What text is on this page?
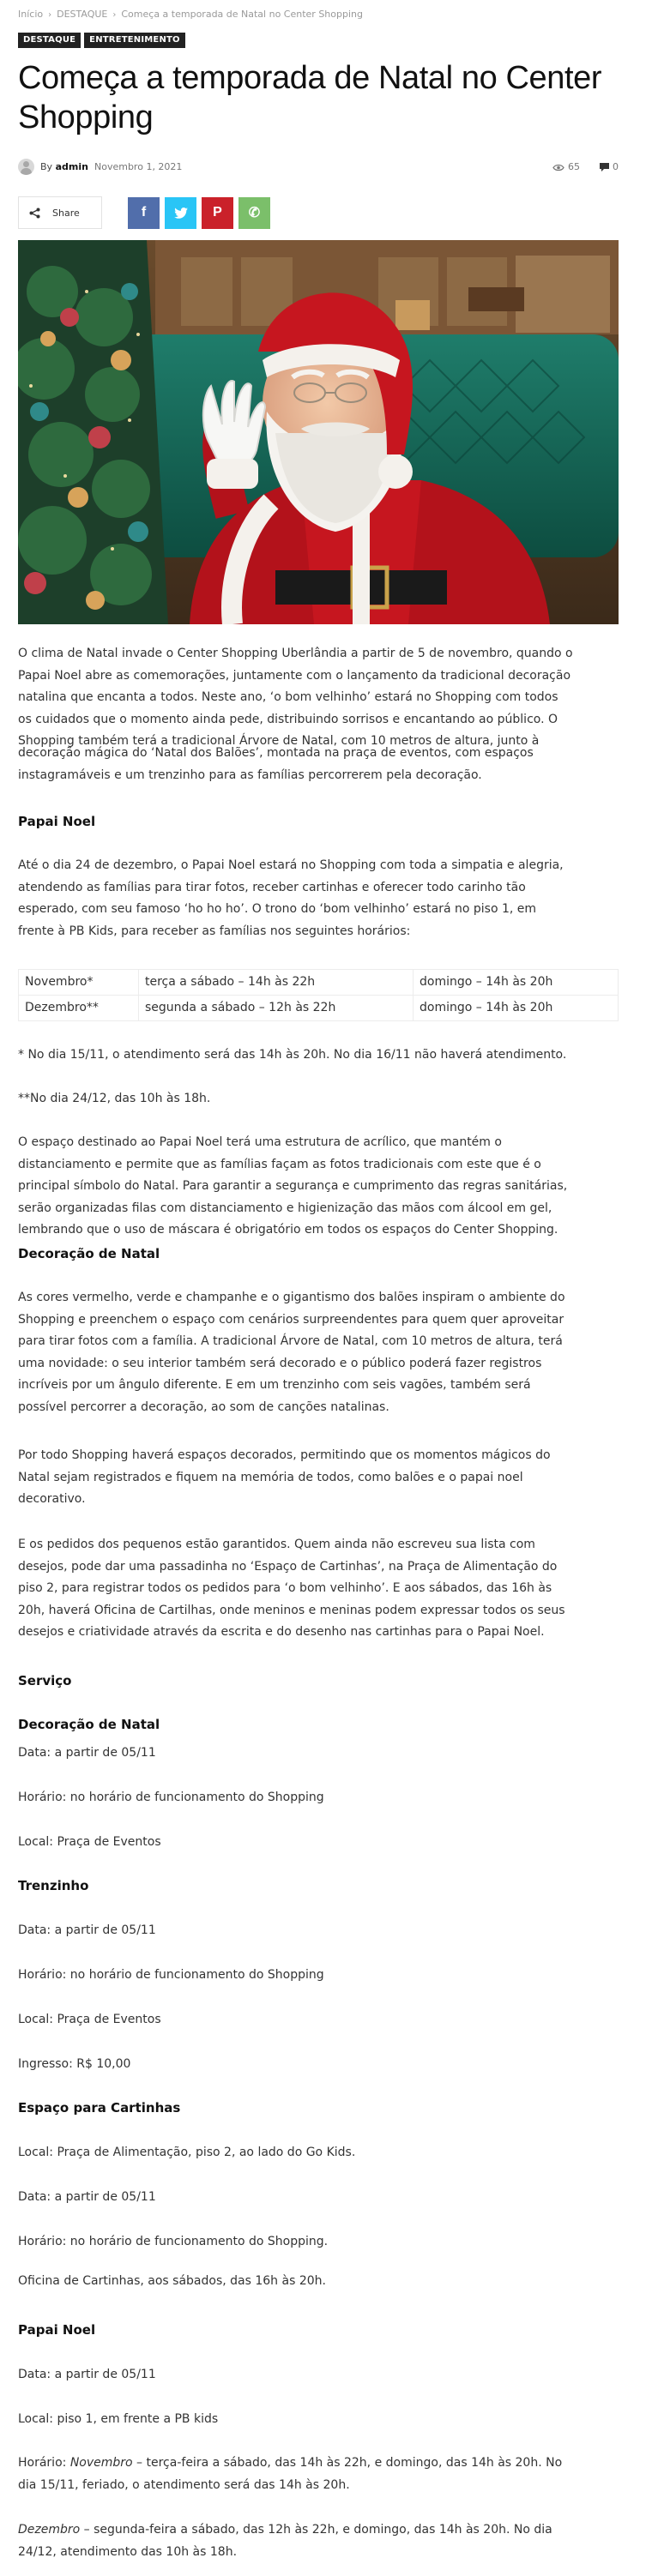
Início › DESTAQUE › Começa a temporada de Natal no Center Shopping
DESTAQUE	ENTRETENIMENTO
Começa a temporada de Natal no Center Shopping
By admin Novembro 1, 2021	65	0
Share	f	P ✆

O clima de Natal invade o Center Shopping Uberlândia a partir de 5 de novembro, quando o

Papai Noel abre as comemorações, juntamente com o lançamento da tradicional decoração

natalina que encanta a todos. Neste ano, ‘o bom velhinho’ estará no Shopping com todos

os cuidados que o momento ainda pede, distribuindo sorrisos e encantando ao público. O

Shopping também terá a tradicional Árvore de Natal, com 10 metros de altura, junto à

decoração mágica do ‘Natal dos Balões’, montada na praça de eventos, com espaços

instagramáveis e um trenzinho para as famílias percorrerem pela decoração.

Papai Noel

Até o dia 24 de dezembro, o Papai Noel estará no Shopping com toda a simpatia e alegria,

atendendo as famílias para tirar fotos, receber cartinhas e oferecer todo carinho tão

esperado, com seu famoso ‘ho ho ho’. O trono do ‘bom velhinho’ estará no piso 1, em

frente à PB Kids, para receber as famílias nos seguintes horários:

Novembro*	terça a sábado – 14h às 22h	domingo – 14h às 20h
Dezembro**	segunda a sábado – 12h às 22h	domingo – 14h às 20h
* No dia 15/11, o atendimento será das 14h às 20h. No dia 16/11 não haverá atendimento.
**No dia 24/12, das 10h às 18h.

O espaço destinado ao Papai Noel terá uma estrutura de acrílico, que mantém o

distanciamento e permite que as famílias façam as fotos tradicionais com este que é o

principal símbolo do Natal. Para garantir a segurança e cumprimento das regras sanitárias,

serão organizadas filas com distanciamento e higienização das mãos com álcool em gel,

lembrando que o uso de máscara é obrigatório em todos os espaços do Center Shopping.

Decoração de Natal

As cores vermelho, verde e champanhe e o gigantismo dos balões inspiram o ambiente do

Shopping e preenchem o espaço com cenários surpreendentes para quem quer aproveitar

para tirar fotos com a família. A tradicional Árvore de Natal, com 10 metros de altura, terá

uma novidade: o seu interior também será decorado e o público poderá fazer registros

incríveis por um ângulo diferente. E em um trenzinho com seis vagões, também será

possível percorrer a decoração, ao som de canções natalinas.

Por todo Shopping haverá espaços decorados, permitindo que os momentos mágicos do

Natal sejam registrados e fiquem na memória de todos, como balões e o papai noel

decorativo.

E os pedidos dos pequenos estão garantidos. Quem ainda não escreveu sua lista com

desejos, pode dar uma passadinha no ‘Espaço de Cartinhas’, na Praça de Alimentação do

piso 2, para registrar todos os pedidos para ‘o bom velhinho’. E aos sábados, das 16h às

20h, haverá Oficina de Cartilhas, onde meninos e meninas podem expressar todos os seus

desejos e criatividade através da escrita e do desenho nas cartinhas para o Papai Noel.

Serviço
Decoração de Natal
Data: a partir de 05/11
Horário: no horário de funcionamento do Shopping
Local: Praça de Eventos
Trenzinho
Data: a partir de 05/11
Horário: no horário de funcionamento do Shopping
Local: Praça de Eventos
Ingresso: R$ 10,00
Espaço para Cartinhas
Local: Praça de Alimentação, piso 2, ao lado do Go Kids.
Data: a partir de 05/11
Horário: no horário de funcionamento do Shopping.
Oficina de Cartinhas, aos sábados, das 16h às 20h.
Papai Noel
Data: a partir de 05/11
Local: piso 1, em frente a PB kids

Horário: Novembro – terça-feira a sábado, das 14h às 22h, e domingo, das 14h às 20h. No

dia 15/11, feriado, o atendimento será das 14h às 20h.

Dezembro – segunda-feira a sábado, das 12h às 22h, e domingo, das 14h às 20h. No dia

24/12, atendimento das 10h às 18h.
